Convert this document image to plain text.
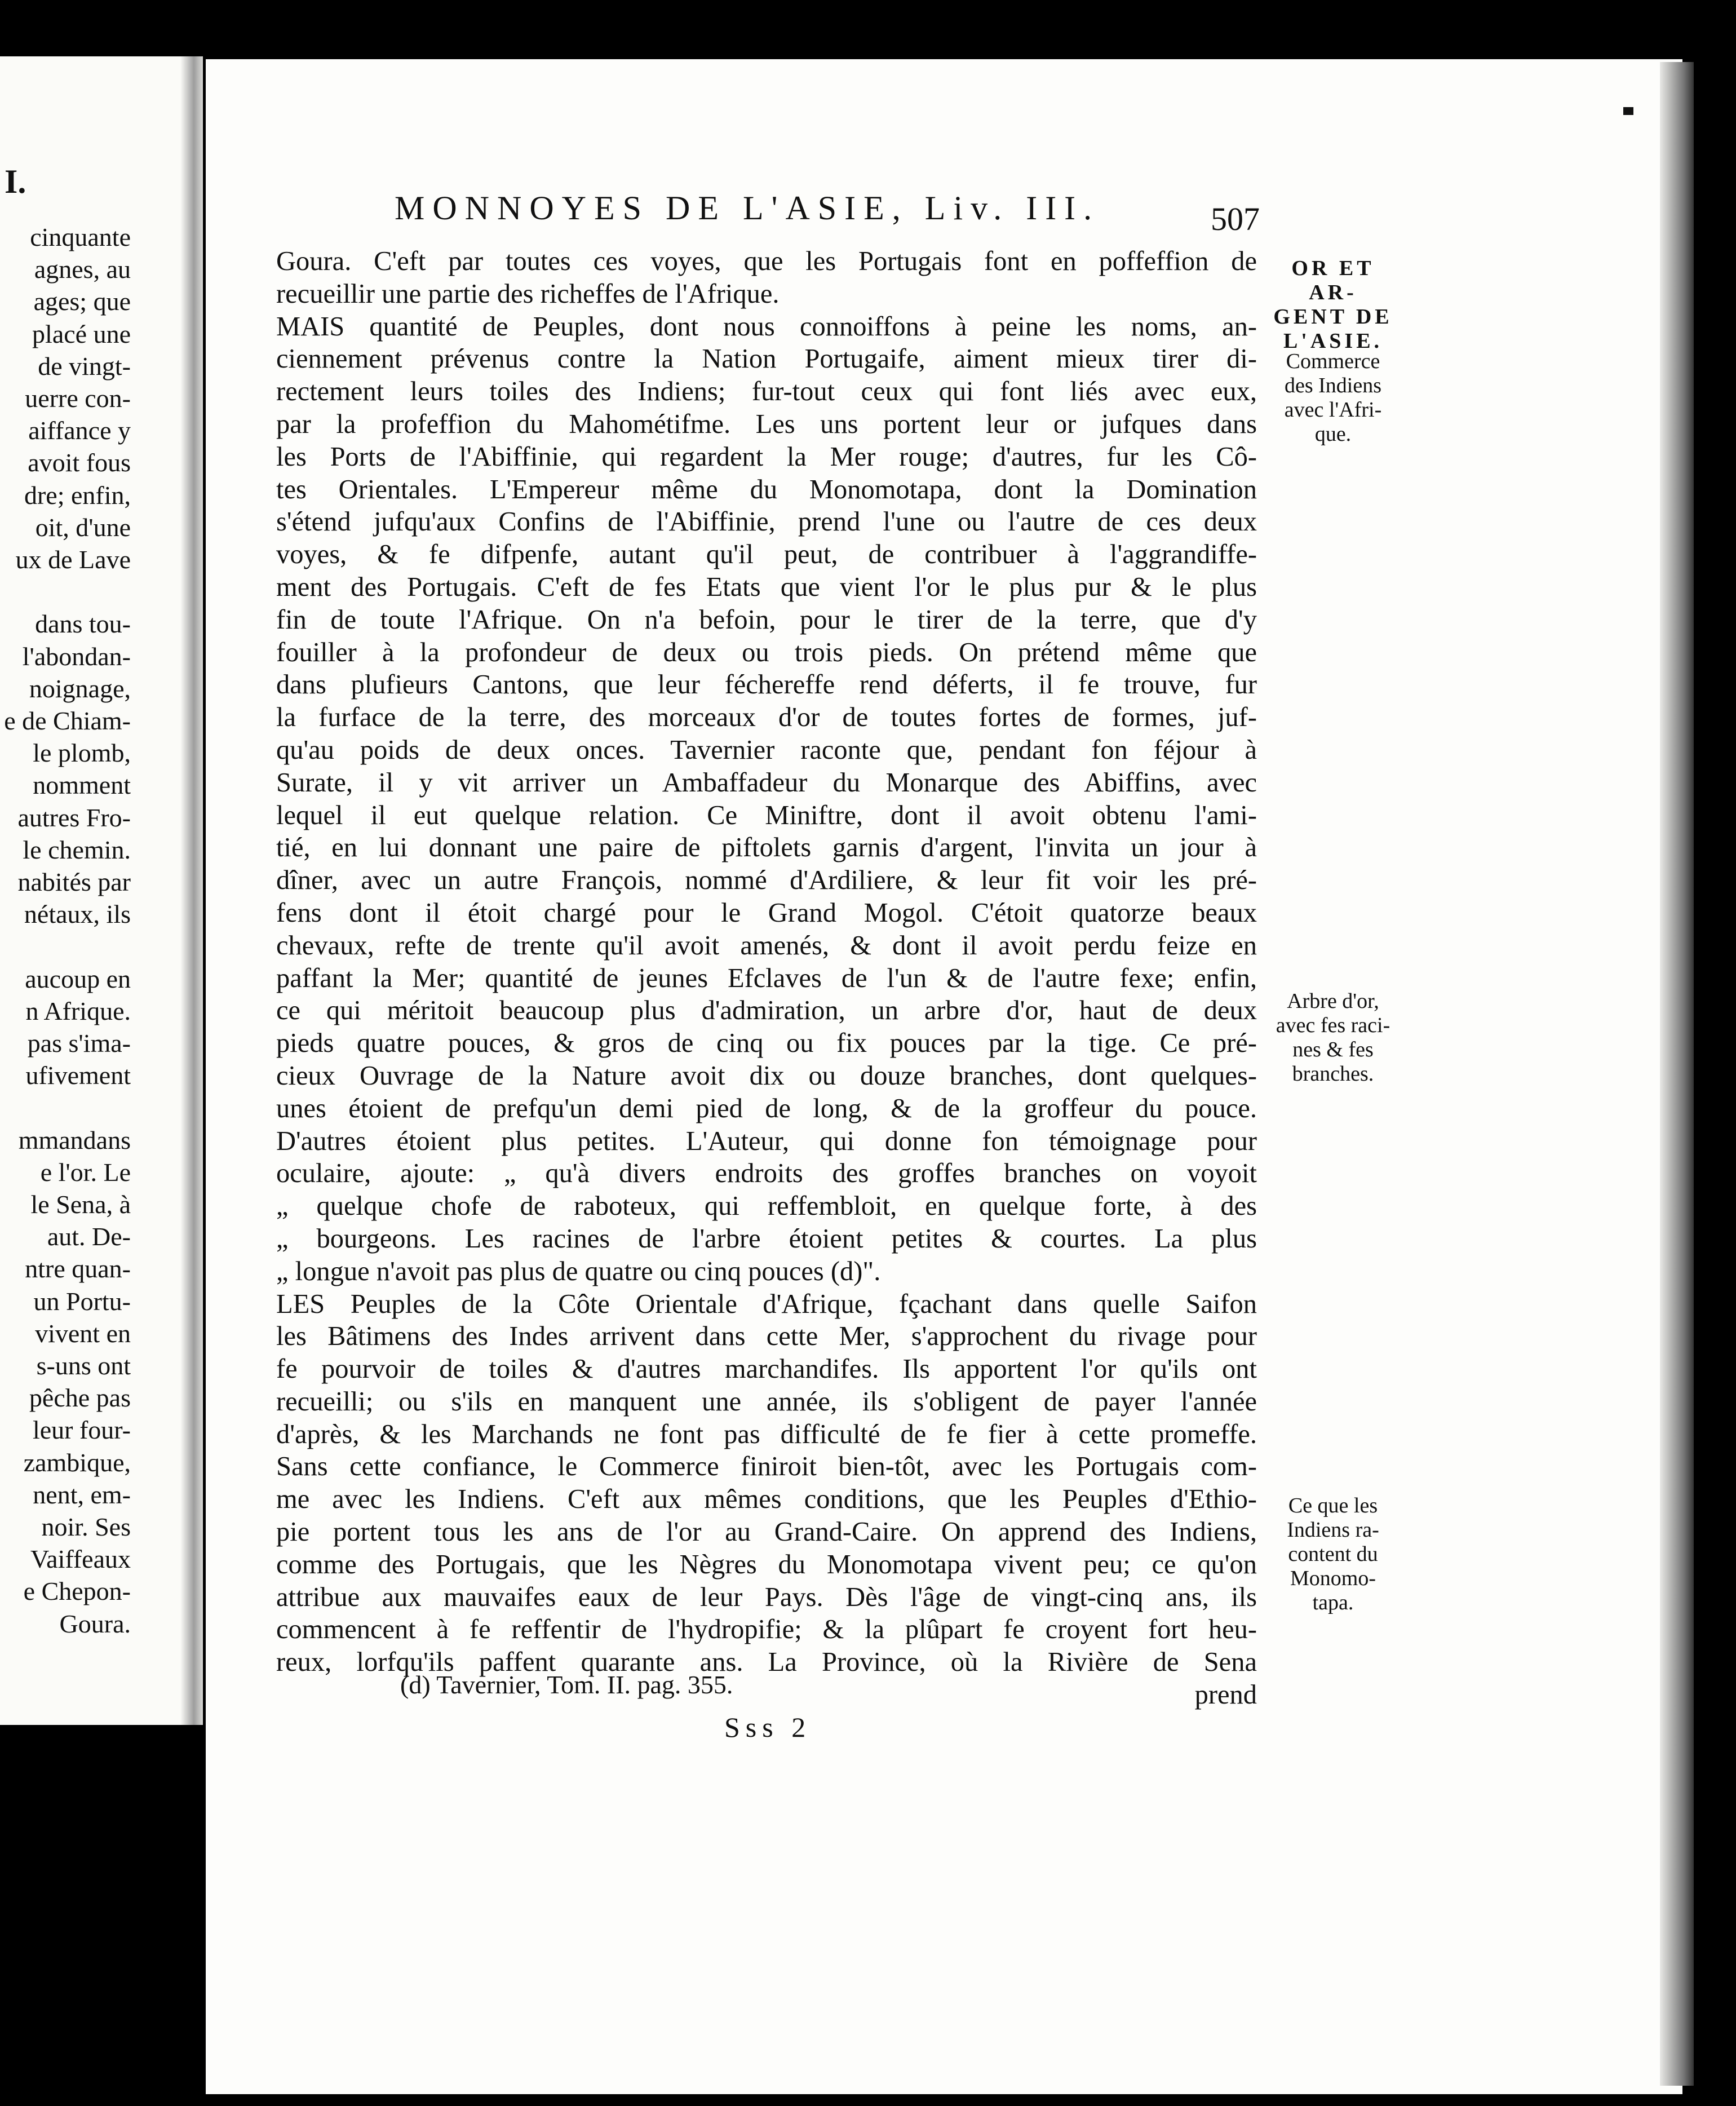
I.
cinquante
agnes, au
ages; que
placé une
de vingt-
uerre con-
aiffance y
avoit fous
dre; enfin,
oit, d'une
ux de Lave
dans tou-
l'abondan-
noignage,
e de Chiam-
le plomb,
nomment
autres Fro-
le chemin.
nabités par
nétaux, ils
aucoup en
n Afrique.
pas s'ima-
ufivement
mmandans
e l'or. Le
le Sena, à
aut. De-
ntre quan-
un Portu-
vivent en
s-uns ont
pêche pas
leur four-
zambique,
nent, em-
noir. Ses
Vaiffeaux
e Chepon-
Goura.
MONNOYES DE L'ASIE, Liv. III.	507
Goura. C'eft par toutes ces voyes, que les Portugais font en poffeffion de
recueillir une partie des richeffes de l'Afrique.
MAIS quantité de Peuples, dont nous connoiffons à peine les noms, an-
ciennement prévenus contre la Nation Portugaife, aiment mieux tirer di-
rectement leurs toiles des Indiens; fur-tout ceux qui font liés avec eux,
par la profeffion du Mahométifme. Les uns portent leur or jufques dans
les Ports de l'Abiffinie, qui regardent la Mer rouge; d'autres, fur les Cô-
tes Orientales. L'Empereur même du Monomotapa, dont la Domination
s'étend jufqu'aux Confins de l'Abiffinie, prend l'une ou l'autre de ces deux
voyes, & fe difpenfe, autant qu'il peut, de contribuer à l'aggrandiffe-
ment des Portugais. C'eft de fes Etats que vient l'or le plus pur & le plus
fin de toute l'Afrique. On n'a befoin, pour le tirer de la terre, que d'y
fouiller à la profondeur de deux ou trois pieds. On prétend même que
dans plufieurs Cantons, que leur féchereffe rend déferts, il fe trouve, fur
la furface de la terre, des morceaux d'or de toutes fortes de formes, juf-
qu'au poids de deux onces. Tavernier raconte que, pendant fon féjour à
Surate, il y vit arriver un Ambaffadeur du Monarque des Abiffins, avec
lequel il eut quelque relation. Ce Miniftre, dont il avoit obtenu l'ami-
tié, en lui donnant une paire de piftolets garnis d'argent, l'invita un jour à
dîner, avec un autre François, nommé d'Ardiliere, & leur fit voir les pré-
fens dont il étoit chargé pour le Grand Mogol. C'étoit quatorze beaux
chevaux, refte de trente qu'il avoit amenés, & dont il avoit perdu feize en
paffant la Mer; quantité de jeunes Efclaves de l'un & de l'autre fexe; enfin,
ce qui méritoit beaucoup plus d'admiration, un arbre d'or, haut de deux
pieds quatre pouces, & gros de cinq ou fix pouces par la tige. Ce pré-
cieux Ouvrage de la Nature avoit dix ou douze branches, dont quelques-
unes étoient de prefqu'un demi pied de long, & de la groffeur du pouce.
D'autres étoient plus petites. L'Auteur, qui donne fon témoignage pour
oculaire, ajoute: „ qu'à divers endroits des groffes branches on voyoit
„ quelque chofe de raboteux, qui reffembloit, en quelque forte, à des
„ bourgeons. Les racines de l'arbre étoient petites & courtes. La plus
„ longue n'avoit pas plus de quatre ou cinq pouces (d)".
LES Peuples de la Côte Orientale d'Afrique, fçachant dans quelle Saifon
les Bâtimens des Indes arrivent dans cette Mer, s'approchent du rivage pour
fe pourvoir de toiles & d'autres marchandifes. Ils apportent l'or qu'ils ont
recueilli; ou s'ils en manquent une année, ils s'obligent de payer l'année
d'après, & les Marchands ne font pas difficulté de fe fier à cette promeffe.
Sans cette confiance, le Commerce finiroit bien-tôt, avec les Portugais com-
me avec les Indiens. C'eft aux mêmes conditions, que les Peuples d'Ethio-
pie portent tous les ans de l'or au Grand-Caire. On apprend des Indiens,
comme des Portugais, que les Nègres du Monomotapa vivent peu; ce qu'on
attribue aux mauvaifes eaux de leur Pays. Dès l'âge de vingt-cinq ans, ils
commencent à fe reffentir de l'hydropifie; & la plûpart fe croyent fort heu-
reux, lorfqu'ils paffent quarante ans. La Province, où la Rivière de Sena
prend
OR ET AR-
GENT DE
L'ASIE.
Commerce
des Indiens
avec l'Afri-
que.
Arbre d'or,
avec fes raci-
nes & fes
branches.
Ce que les
Indiens ra-
content du
Monomo-
tapa.
(d) Tavernier, Tom. II. pag. 355.
Sss 2
